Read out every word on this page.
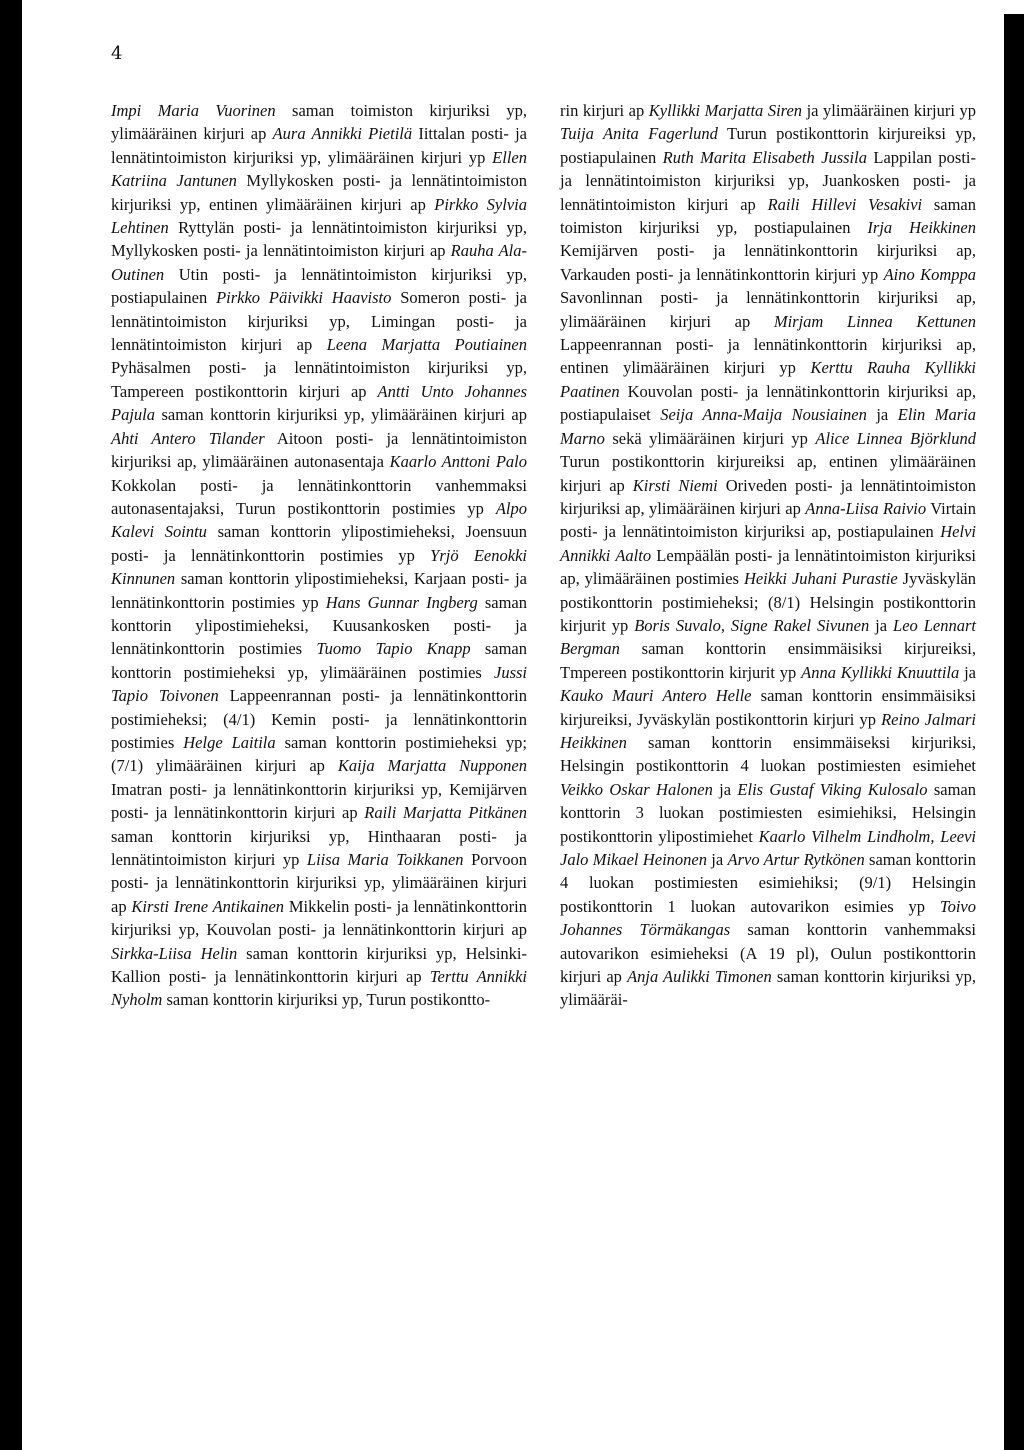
4
Impi Maria Vuorinen saman toimiston kirjuriksi yp, ylimääräinen kirjuri ap Aura Annikki Pietilä Iittalan posti- ja lennätintoimiston kirjuriksi yp, ylimääräinen kirjuri yp Ellen Katriina Jantunen Myllykosken posti- ja lennätintoimiston kirjuriksi yp, entinen ylimääräinen kirjuri ap Pirkko Sylvia Lehtinen Ryttylän posti- ja lennätintoimiston kirjuriksi yp, Myllykosken posti- ja lennätintoimiston kirjuri ap Rauha Ala-Outinen Utin posti- ja lennätintoimiston kirjuriksi yp, postiapulainen Pirkko Päivikki Haavisto Someron posti- ja lennätintoimiston kirjuriksi yp, Limingan posti- ja lennätintoimiston kirjuri ap Leena Marjatta Poutiainen Pyhäsalmen posti- ja lennätintoimiston kirjuriksi yp, Tampereen postikonttorin kirjuri ap Antti Unto Johannes Pajula saman konttorin kirjuriksi yp, ylimääräinen kirjuri ap Ahti Antero Tilander Aitoon posti- ja lennätintoimiston kirjuriksi ap, ylimääräinen autonasentaja Kaarlo Anttoni Palo Kokkolan posti- ja lennätinkonttorin vanhemmaksi autonasentajaksi, Turun postikonttorin postimies yp Alpo Kalevi Sointu saman konttorin ylipostimieheksi, Joensuun posti- ja lennätinkonttorin postimies yp Yrjö Eenokki Kinnunen saman konttorin ylipostimieheksi, Karjaan posti- ja lennätinkonttorin postimies yp Hans Gunnar Ingberg saman konttorin ylipostimieheksi, Kuusankosken posti- ja lennätinkonttorin postimies Tuomo Tapio Knapp saman konttorin postimieheksi yp, ylimääräinen postimies Jussi Tapio Toivonen Lappeenrannan posti- ja lennätinkonttorin postimieheksi; (4/1) Kemin posti- ja lennätinkonttorin postimies Helge Laitila saman konttorin postimieheksi yp; (7/1) ylimääräinen kirjuri ap Kaija Marjatta Nupponen Imatran posti- ja lennätinkonttorin kirjuriksi yp, Kemijärven posti- ja lennätinkonttorin kirjuri ap Raili Marjatta Pitkänen saman konttorin kirjuriksi yp, Hinthaaran posti- ja lennätintoimiston kirjuri yp Liisa Maria Toikkanen Porvoon posti- ja lennätinkonttorin kirjuriksi yp, ylimääräinen kirjuri ap Kirsti Irene Antikainen Mikkelin posti- ja lennätinkonttorin kirjuriksi yp, Kouvolan posti- ja lennätinkonttorin kirjuri ap Sirkka-Liisa Helin saman konttorin kirjuriksi yp, Helsinki-Kallion posti- ja lennätinkonttorin kirjuri ap Terttu Annikki Nyholm saman konttorin kirjuriksi yp, Turun postikontto-
rin kirjuri ap Kyllikki Marjatta Siren ja ylimääräinen kirjuri yp Tuija Anita Fagerlund Turun postikonttorin kirjureiksi yp, postiapulainen Ruth Marita Elisabeth Jussila Lappilan posti- ja lennätintoimiston kirjuriksi yp, Juankosken posti- ja lennätintoimiston kirjuri ap Raili Hillevi Vesakivi saman toimiston kirjuriksi yp, postiapulainen Irja Heikkinen Kemijärven posti- ja lennätinkonttorin kirjuriksi ap, Varkauden posti- ja lennätinkonttorin kirjuri yp Aino Komppa Savonlinnan posti- ja lennätinkonttorin kirjuriksi ap, ylimääräinen kirjuri ap Mirjam Linnea Kettunen Lappeenrannan posti- ja lennätinkonttorin kirjuriksi ap, entinen ylimääräinen kirjuri yp Kerttu Rauha Kyllikki Paatinen Kouvolan posti- ja lennätinkonttorin kirjuriksi ap, postiapulaiset Seija Anna-Maija Nousiainen ja Elin Maria Marno sekä ylimääräinen kirjuri yp Alice Linnea Björklund Turun postikonttorin kirjureiksi ap, entinen ylimääräinen kirjuri ap Kirsti Niemi Oriveden posti- ja lennätintoimiston kirjuriksi ap, ylimääräinen kirjuri ap Anna-Liisa Raivio Virtain posti- ja lennätintoimiston kirjuriksi ap, postiapulainen Helvi Annikki Aalto Lempäälän posti- ja lennätintoimiston kirjuriksi ap, ylimääräinen postimies Heikki Juhani Purastie Jyväskylän postikonttorin postimieheksi; (8/1) Helsingin postikonttorin kirjurit yp Boris Suvalo, Signe Rakel Sivunen ja Leo Lennart Bergman saman konttorin ensimmäisiksi kirjureiksi, Tmpereen postikonttorin kirjurit yp Anna Kyllikki Knuuttila ja Kauko Mauri Antero Helle saman konttorin ensimmäisiksi kirjureiksi, Jyväskylän postikonttorin kirjuri yp Reino Jalmari Heikkinen saman konttorin ensimmäiseksi kirjuriksi, Helsingin postikonttorin 4 luokan postimiesten esimiehet Veikko Oskar Halonen ja Elis Gustaf Viking Kulosalo saman konttorin 3 luokan postimiesten esimiehiksi, Helsingin postikonttorin ylipostimiehet Kaarlo Vilhelm Lindholm, Leevi Jalo Mikael Heinonen ja Arvo Artur Rytkönen saman konttorin 4 luokan postimiesten esimiehiksi; (9/1) Helsingin postikonttorin 1 luokan autovarikon esimies yp Toivo Johannes Törmäkangas saman konttorin vanhemmaksi autovarikon esimieheksi (A 19 pl), Oulun postikonttorin kirjuri ap Anja Aulikki Timonen saman konttorin kirjuriksi yp, ylimääräi-
